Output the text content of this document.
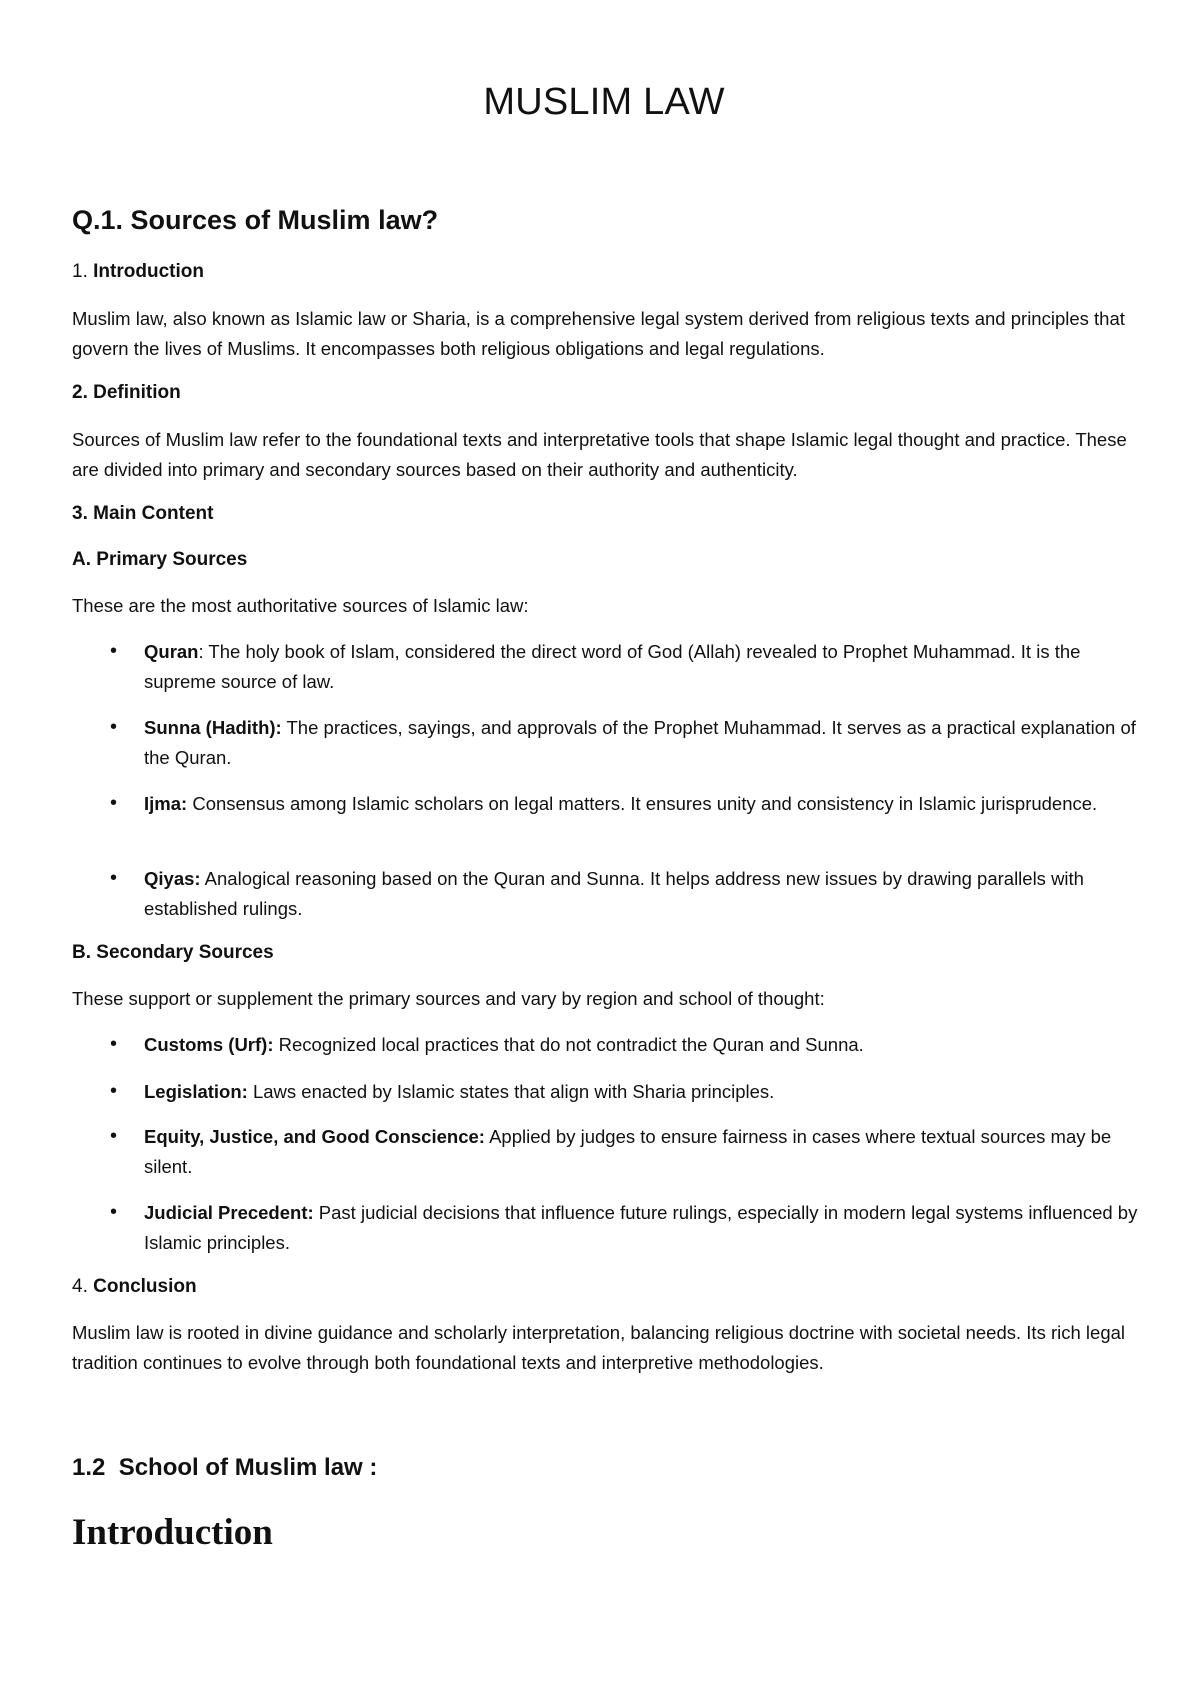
MUSLIM LAW
Q.1. Sources of Muslim law?
1. Introduction

Muslim law, also known as Islamic law or Sharia, is a comprehensive legal system derived from religious texts and principles that govern the lives of Muslims. It encompasses both religious obligations and legal regulations.

2. Definition

Sources of Muslim law refer to the foundational texts and interpretative tools that shape Islamic legal thought and practice. These are divided into primary and secondary sources based on their authority and authenticity.

3. Main Content
A. Primary Sources

These are the most authoritative sources of Islamic law:

• Quran: The holy book of Islam, considered the direct word of God (Allah) revealed to Prophet Muhammad. It is the supreme source of law.
• Sunna (Hadith): The practices, sayings, and approvals of the Prophet Muhammad. It serves as a practical explanation of the Quran.
• Ijma: Consensus among Islamic scholars on legal matters. It ensures unity and consistency in Islamic jurisprudence.
• Qiyas: Analogical reasoning based on the Quran and Sunna. It helps address new issues by drawing parallels with established rulings.
B. Secondary Sources

These support or supplement the primary sources and vary by region and school of thought:

• Customs (Urf): Recognized local practices that do not contradict the Quran and Sunna.
• Legislation: Laws enacted by Islamic states that align with Sharia principles.
• Equity, Justice, and Good Conscience: Applied by judges to ensure fairness in cases where textual sources may be silent.
• Judicial Precedent: Past judicial decisions that influence future rulings, especially in modern legal systems influenced by Islamic principles.
4. Conclusion

Muslim law is rooted in divine guidance and scholarly interpretation, balancing religious doctrine with societal needs. Its rich legal tradition continues to evolve through both foundational texts and interpretive methodologies.

1.2  School of Muslim law :
Introduction
